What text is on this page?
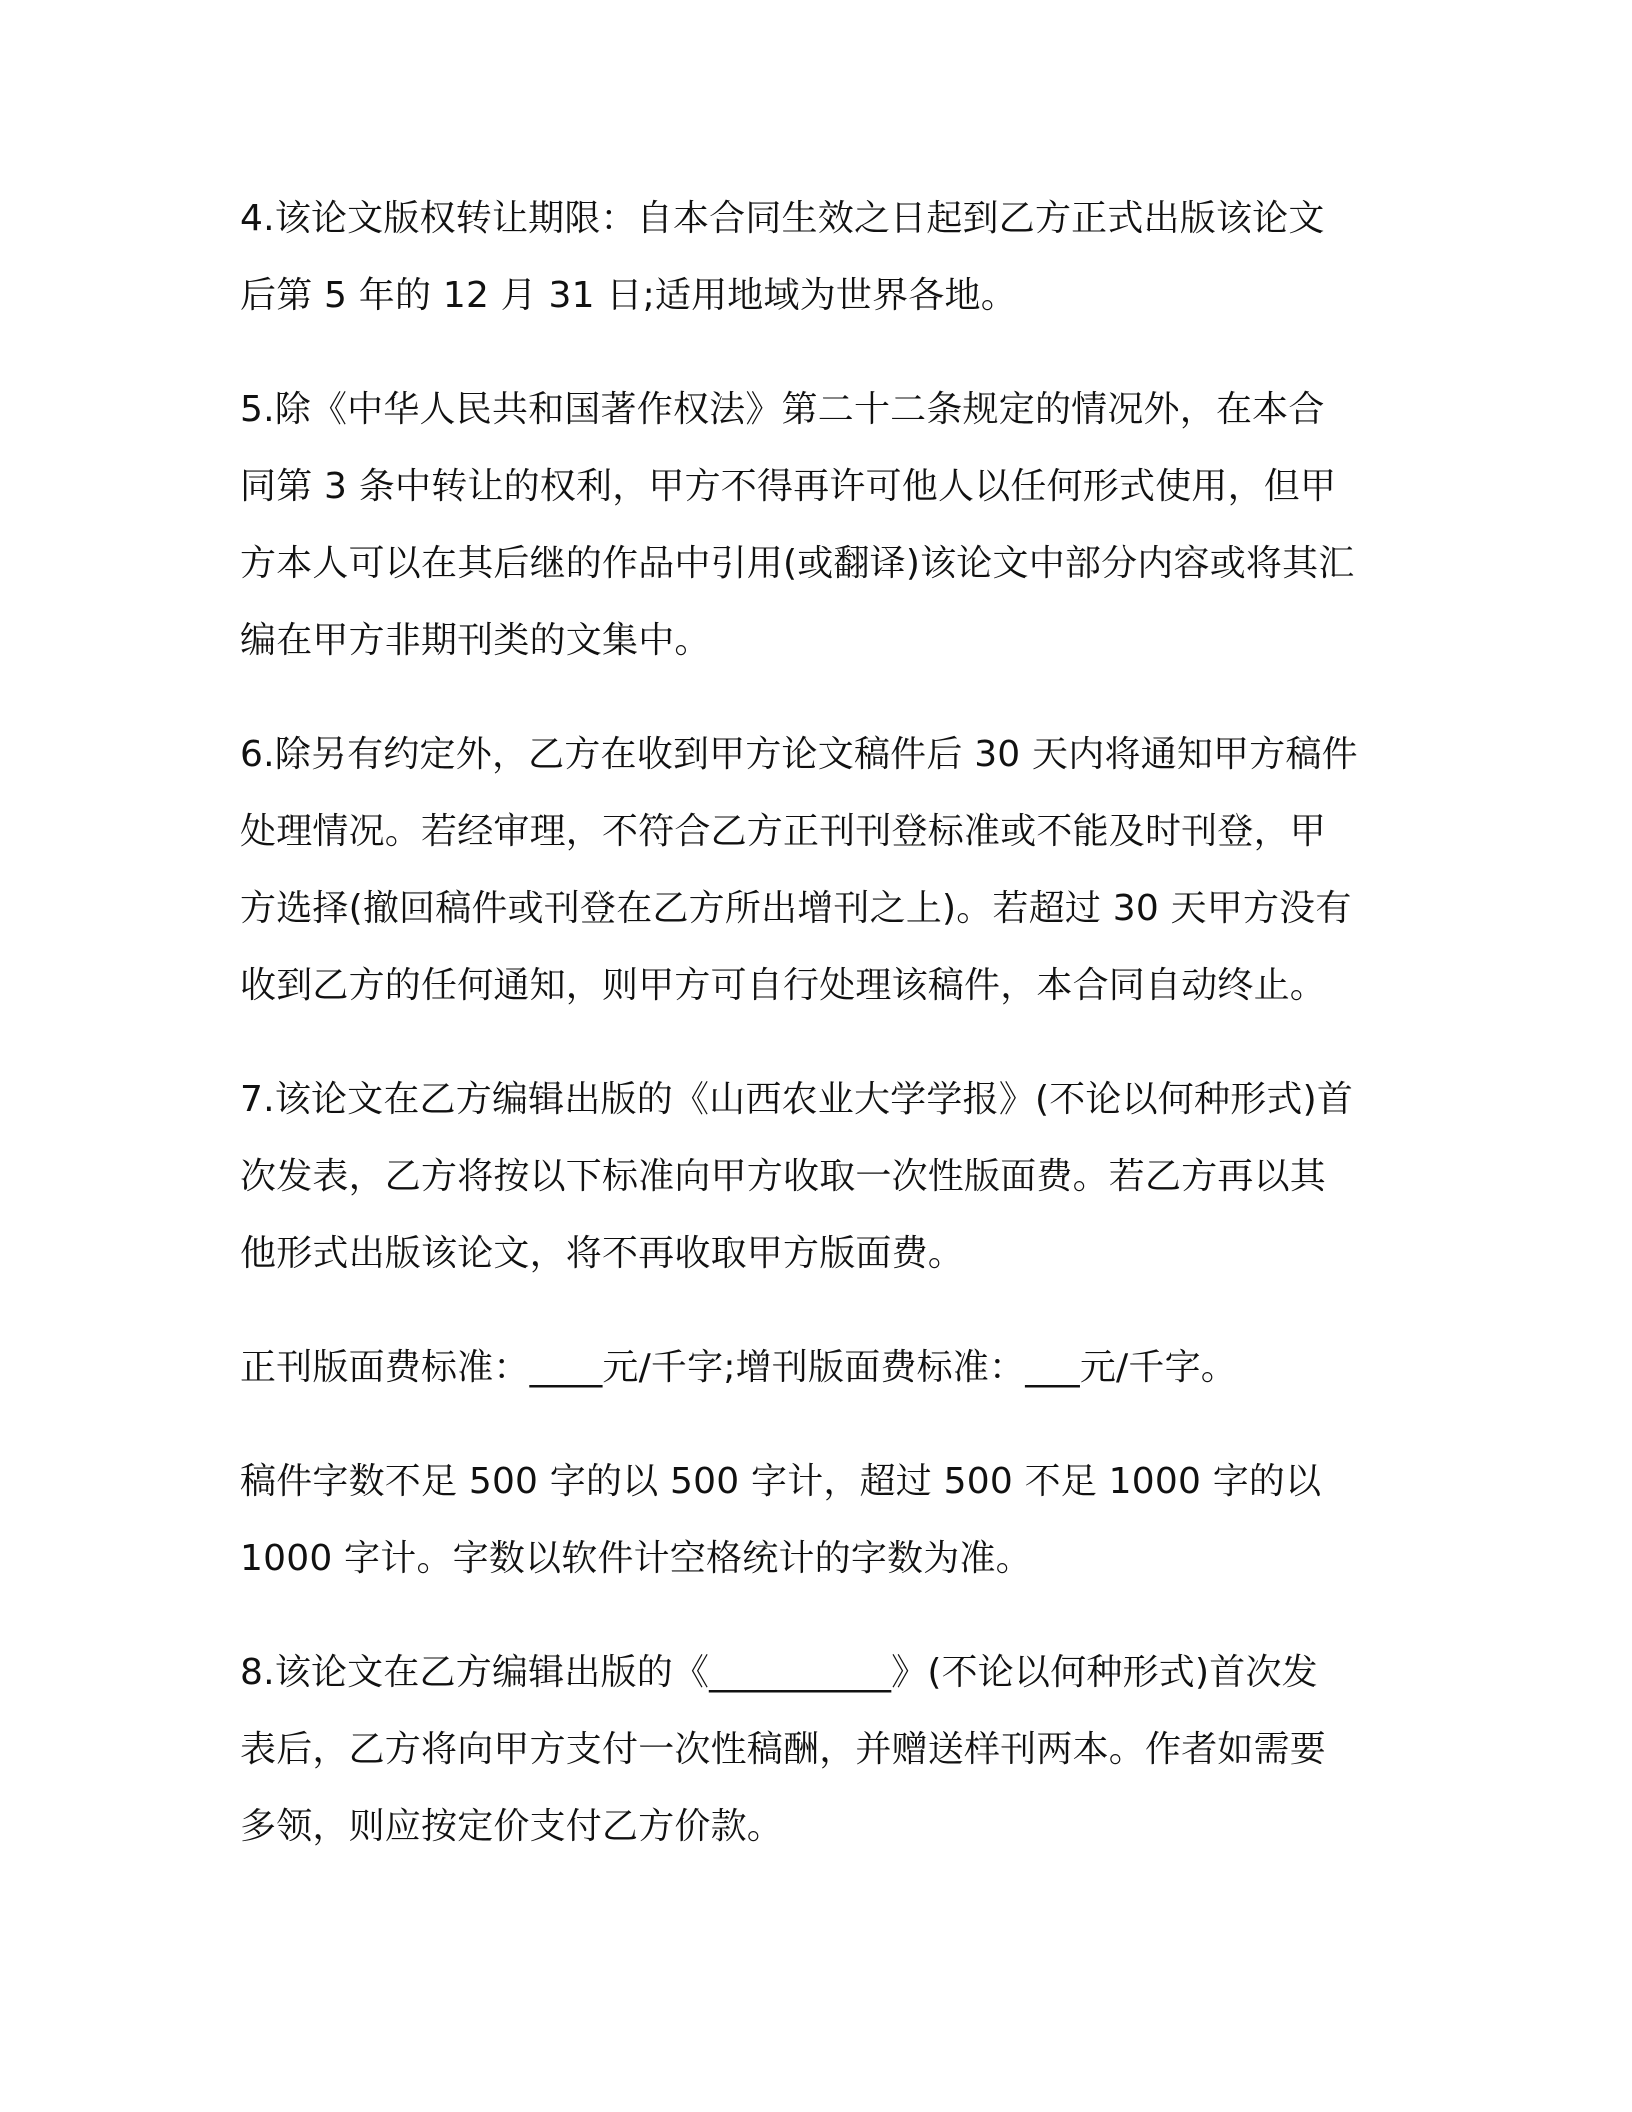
4.该论文版权转让期限：自本合同生效之日起到乙方正式出版该论文
后第 5 年的 12 月 31 日;适用地域为世界各地。

5.除《中华人民共和国著作权法》第二十二条规定的情况外，在本合
同第 3 条中转让的权利，甲方不得再许可他人以任何形式使用，但甲
方本人可以在其后继的作品中引用(或翻译)该论文中部分内容或将其汇
编在甲方非期刊类的文集中。

6.除另有约定外，乙方在收到甲方论文稿件后 30 天内将通知甲方稿件
处理情况。若经审理，不符合乙方正刊刊登标准或不能及时刊登，甲
方选择(撤回稿件或刊登在乙方所出增刊之上)。若超过 30 天甲方没有
收到乙方的任何通知，则甲方可自行处理该稿件，本合同自动终止。

7.该论文在乙方编辑出版的《山西农业大学学报》(不论以何种形式)首
次发表，乙方将按以下标准向甲方收取一次性版面费。若乙方再以其
他形式出版该论文，将不再收取甲方版面费。

正刊版面费标准：____元/千字;增刊版面费标准：___元/千字。

稿件字数不足 500 字的以 500 字计，超过 500 不足 1000 字的以
1000 字计。字数以软件计空格统计的字数为准。

8.该论文在乙方编辑出版的《__________》(不论以何种形式)首次发
表后，乙方将向甲方支付一次性稿酬，并赠送样刊两本。作者如需要
多领，则应按定价支付乙方价款。
